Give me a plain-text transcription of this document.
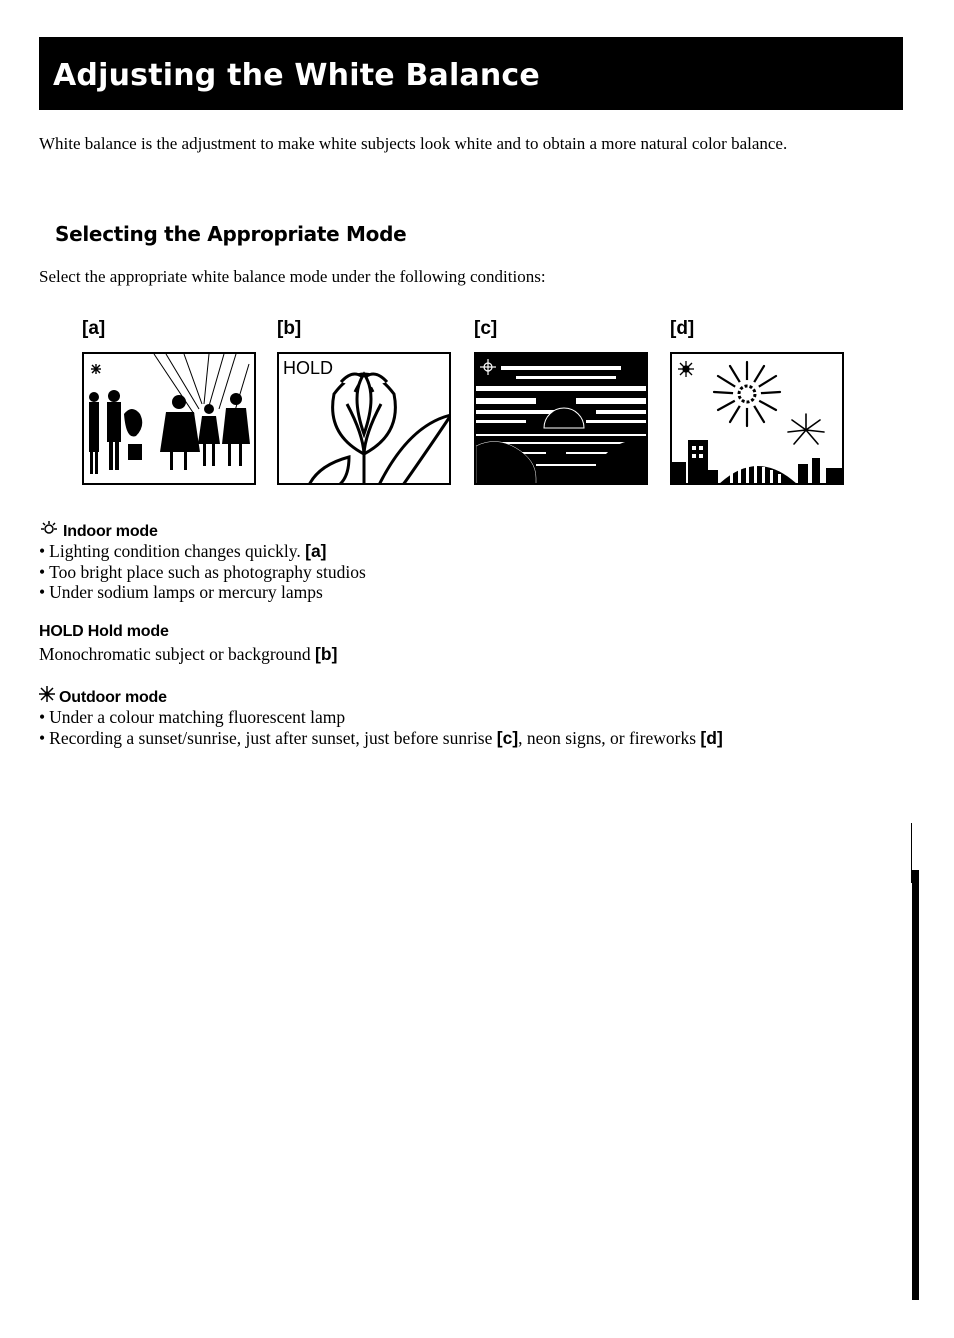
Adjusting the White Balance
White balance is the adjustment to make white subjects look white and to obtain a more natural color balance.
Selecting the Appropriate Mode
Select the appropriate white balance mode under the following conditions:
[a]	[b]	[c]	[d]
HOLD
Indoor mode
• Lighting condition changes quickly. [a]
• Too bright place such as photography studios
• Under sodium lamps or mercury lamps
HOLD Hold mode
Monochromatic subject or background [b]
Outdoor mode
• Under a colour matching fluorescent lamp
• Recording a sunset/sunrise, just after sunset, just before sunrise [c], neon signs, or fireworks [d]
